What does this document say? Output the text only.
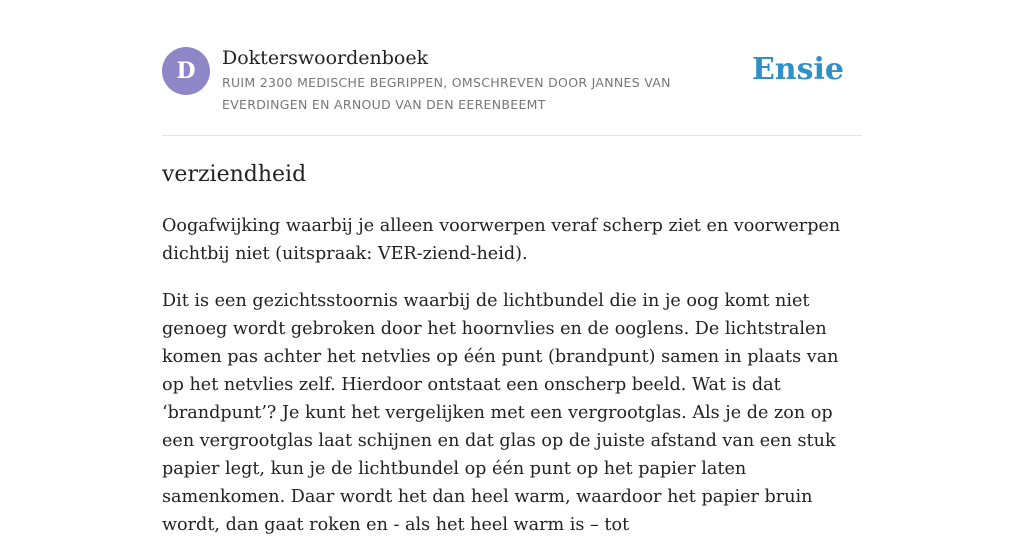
D	Dokterswoordenboek
RUIM 2300 MEDISCHE BEGRIPPEN, OMSCHREVEN DOOR JANNES VAN EVERDINGEN EN ARNOUD VAN DEN EERENBEEMT
Ensie
verziendheid

Oogafwijking waarbij je alleen voorwerpen veraf scherp ziet en voorwerpen dichtbij niet (uitspraak: VER-ziend-heid).

Dit is een gezichtsstoornis waarbij de lichtbundel die in je oog komt niet genoeg wordt gebroken door het hoornvlies en de ooglens. De lichtstralen komen pas achter het netvlies op één punt (brandpunt) samen in plaats van op het netvlies zelf. Hierdoor ontstaat een onscherp beeld. Wat is dat ‘brandpunt’? Je kunt het vergelijken met een vergrootglas. Als je de zon op een vergrootglas laat schijnen en dat glas op de juiste afstand van een stuk papier legt, kun je de lichtbundel op één punt op het papier laten samenkomen. Daar wordt het dan heel warm, waardoor het papier bruin wordt, dan gaat roken en - als het heel warm is – tot
